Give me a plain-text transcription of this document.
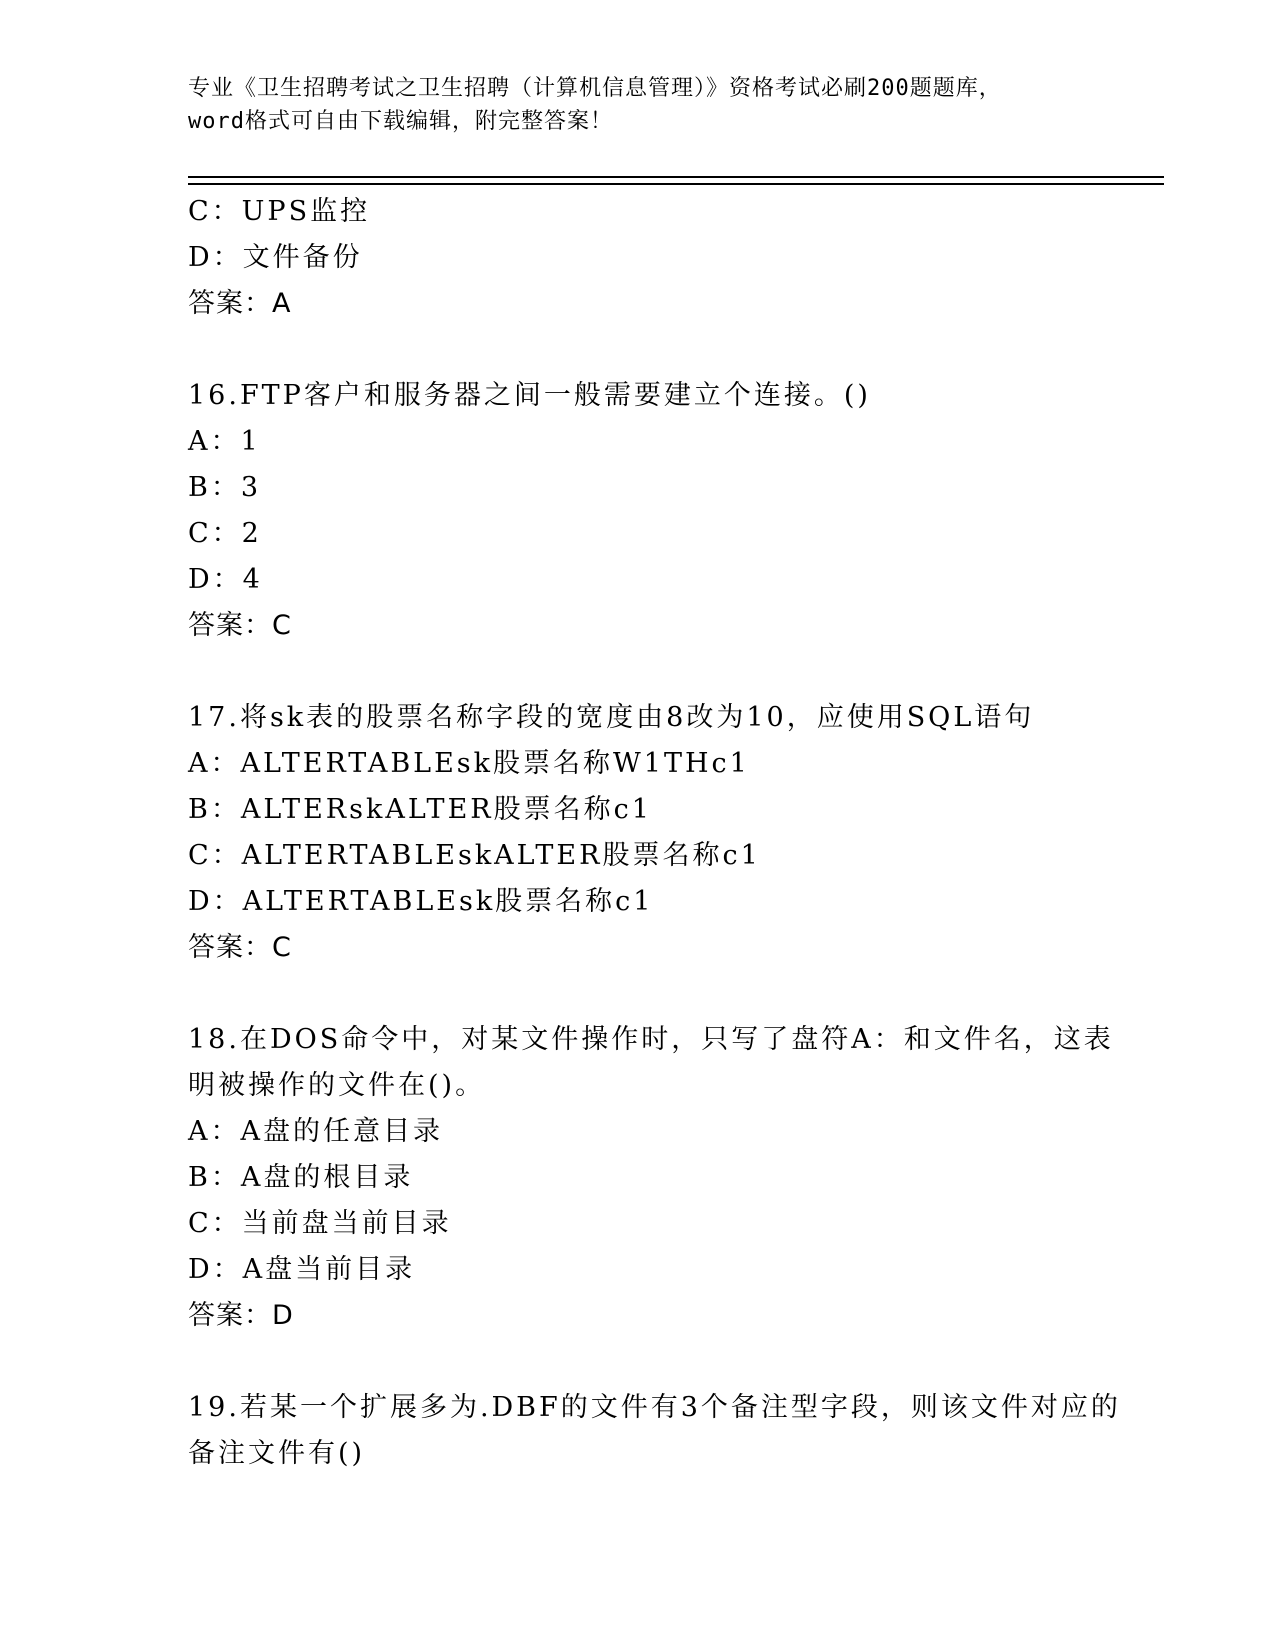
专业《卫生招聘考试之卫生招聘（计算机信息管理）》资格考试必刷200题题库，
word格式可自由下载编辑，附完整答案！
C：UPS监控
D：文件备份
答案：A
16.FTP客户和服务器之间一般需要建立个连接。()
A：1
B：3
C：2
D：4
答案：C
17.将sk表的股票名称字段的宽度由8改为10，应使用SQL语句
A：ALTERTABLEsk股票名称W1THc1
B：ALTERskALTER股票名称c1
C：ALTERTABLEskALTER股票名称c1
D：ALTERTABLEsk股票名称c1
答案：C
18.在DOS命令中，对某文件操作时，只写了盘符A：和文件名，这表
明被操作的文件在()。
A：A盘的任意目录
B：A盘的根目录
C：当前盘当前目录
D：A盘当前目录
答案：D
19.若某一个扩展多为.DBF的文件有3个备注型字段，则该文件对应的
备注文件有()
